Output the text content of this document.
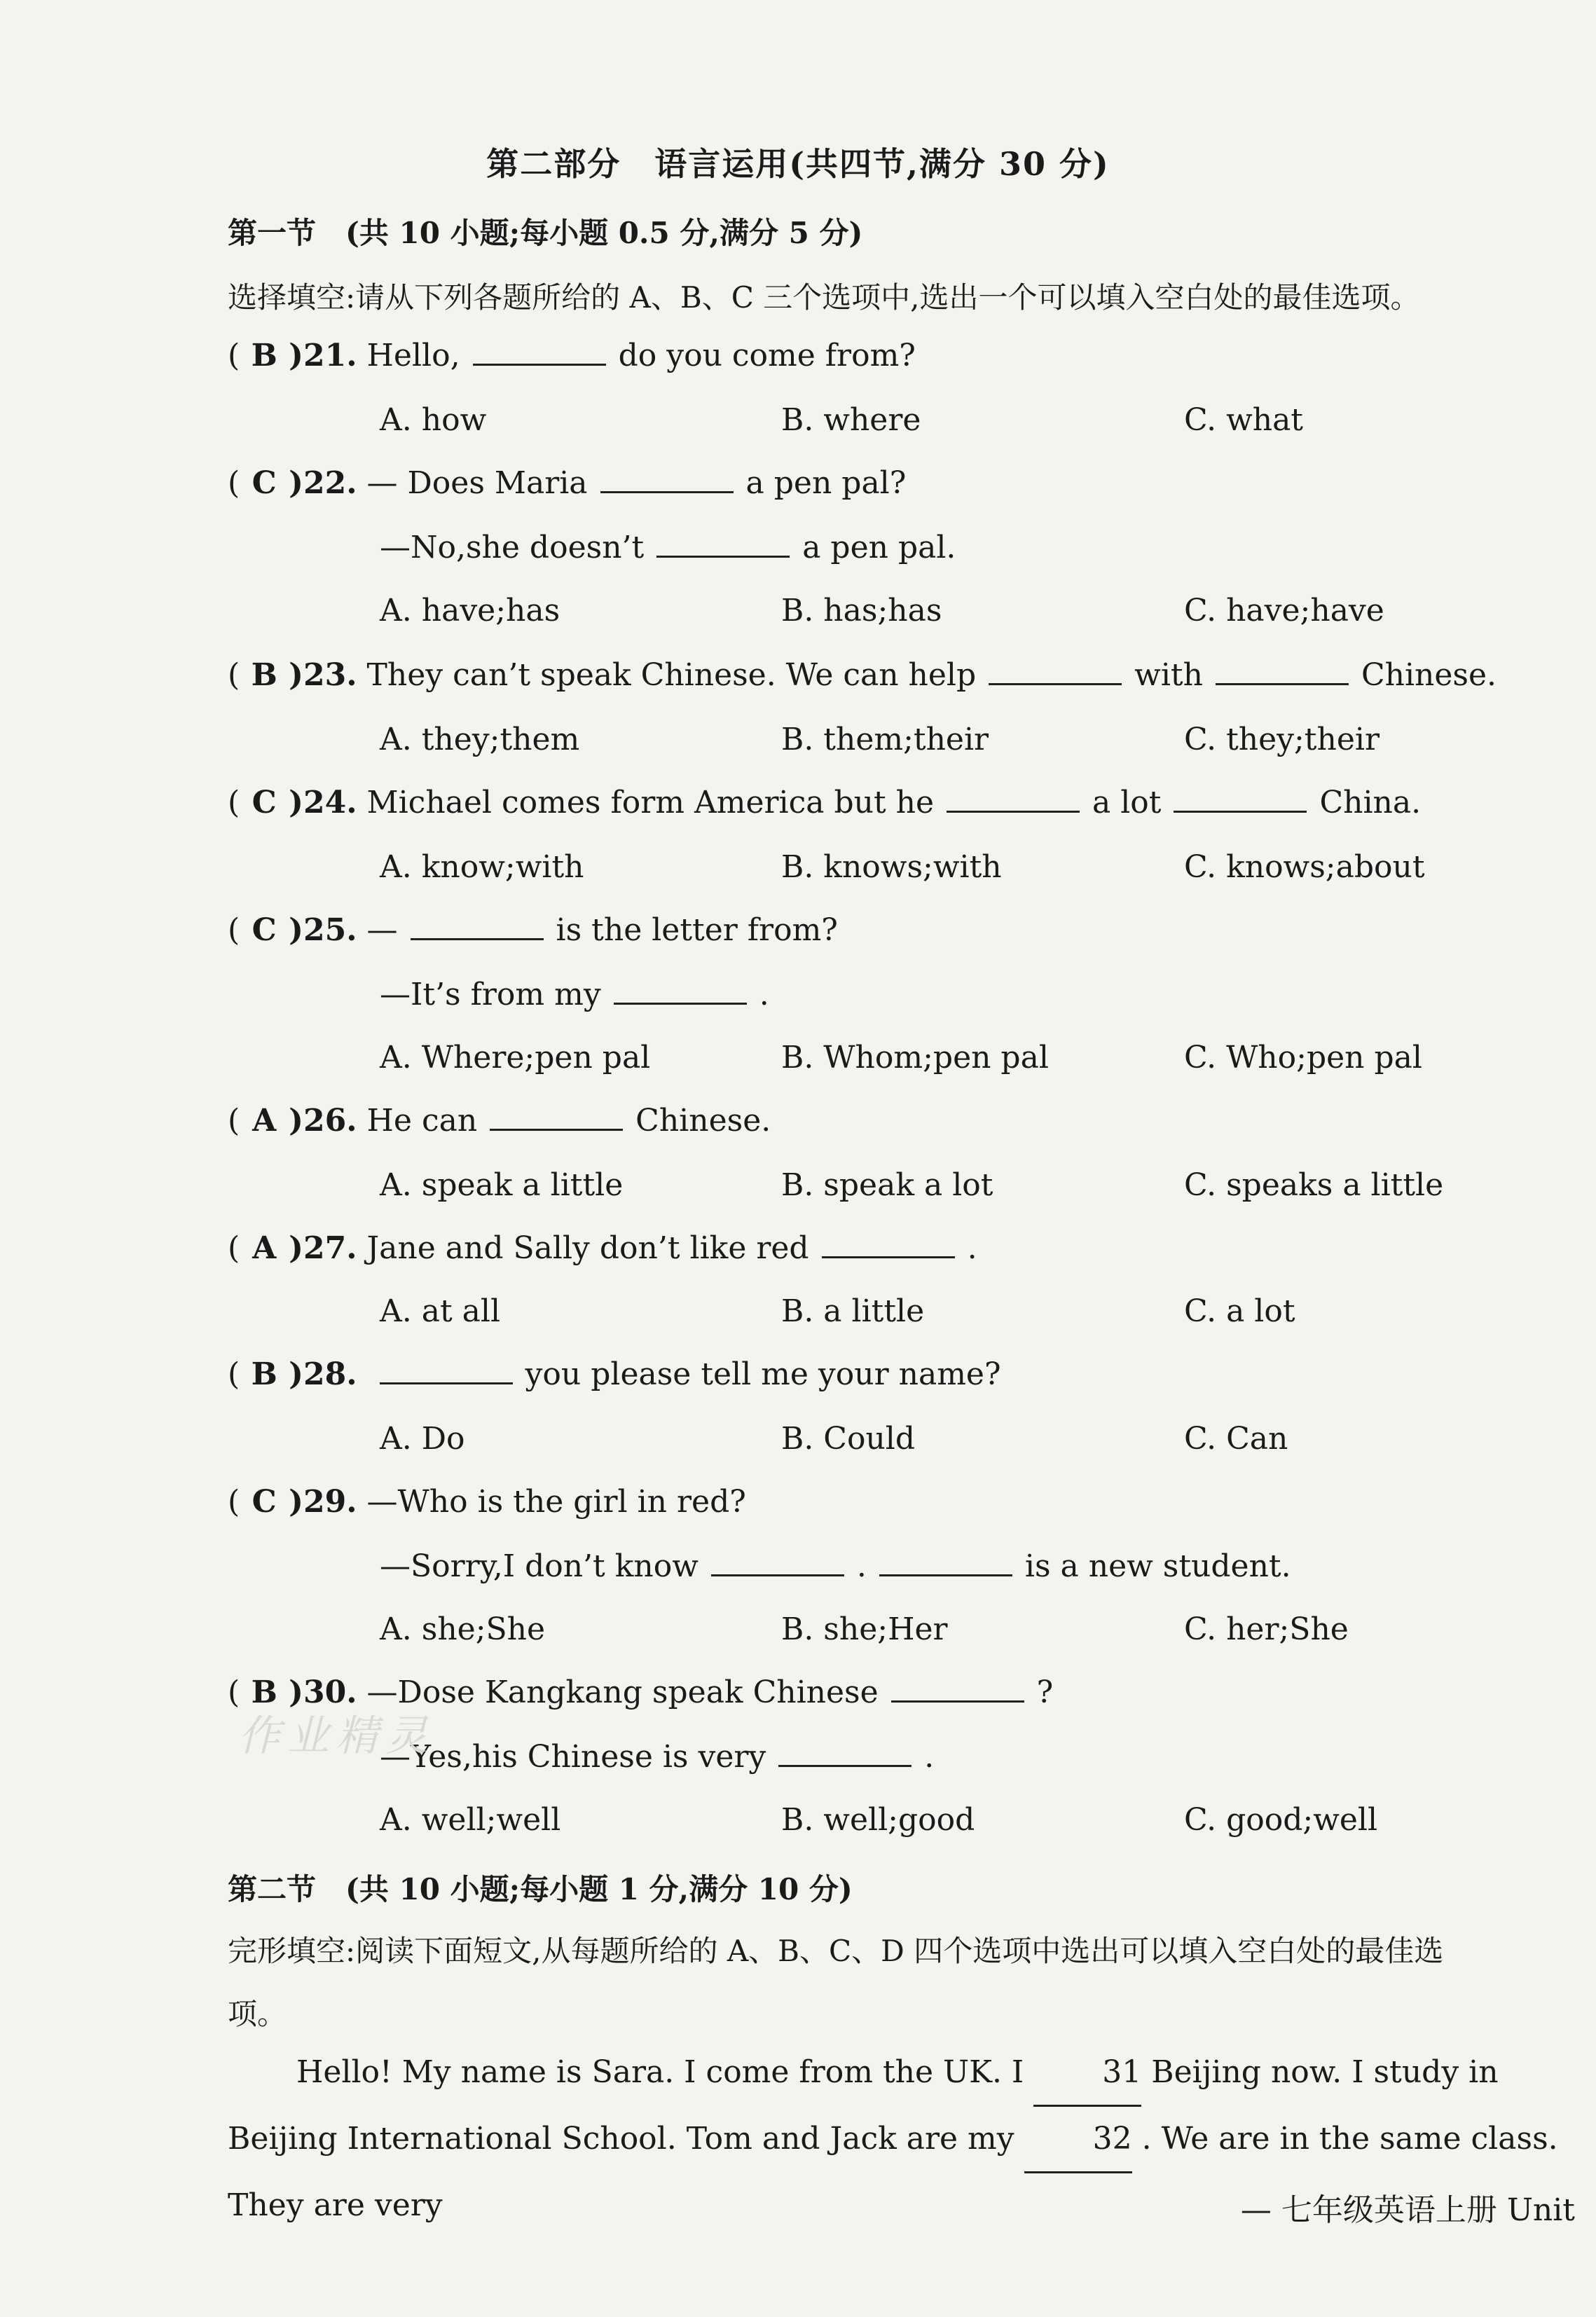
第二部分　语言运用(共四节,满分 30 分)
第一节　(共 10 小题;每小题 0.5 分,满分 5 分)
选择填空:请从下列各题所给的 A、B、C 三个选项中,选出一个可以填入空白处的最佳选项。
( B )21. Hello,	do you come from?
A. how	B. where	C. what
( C )22. — Does Maria	a pen pal?
—No,she doesn’t	a pen pal.
A. have;has	B. has;has	C. have;have
( B )23. They can’t speak Chinese. We can help	with	Chinese.
A. they;them	B. them;their	C. they;their
( C )24. Michael comes form America but he	a lot	China.
A. know;with	B. knows;with	C. knows;about
( C )25. —	is the letter from?
—It’s from my	.
A. Where;pen pal	B. Whom;pen pal	C. Who;pen pal
( A )26. He can	Chinese.
A. speak a little	B. speak a lot	C. speaks a little
( A )27. Jane and Sally don’t like red	.
A. at all	B. a little	C. a lot
( B )28.	you please tell me your name?
A. Do	B. Could	C. Can
( C )29. —Who is the girl in red?
—Sorry,I don’t know	.	is a new student.
A. she;She	B. she;Her	C. her;She
( B )30. —Dose Kangkang speak Chinese	?
—Yes,his Chinese is very	.
A. well;well	B. well;good	C. good;well
作业精灵
第二节　(共 10 小题;每小题 1 分,满分 10 分)
完形填空:阅读下面短文,从每题所给的 A、B、C、D 四个选项中选出可以填入空白处的最佳选
项。
Hello! My name is Sara. I come from the UK. I	31 Beijing now. I study in Beijing International School. Tom and Jack are my	32 . We are in the same class. They are very	— 七年级英语上册 Unit
